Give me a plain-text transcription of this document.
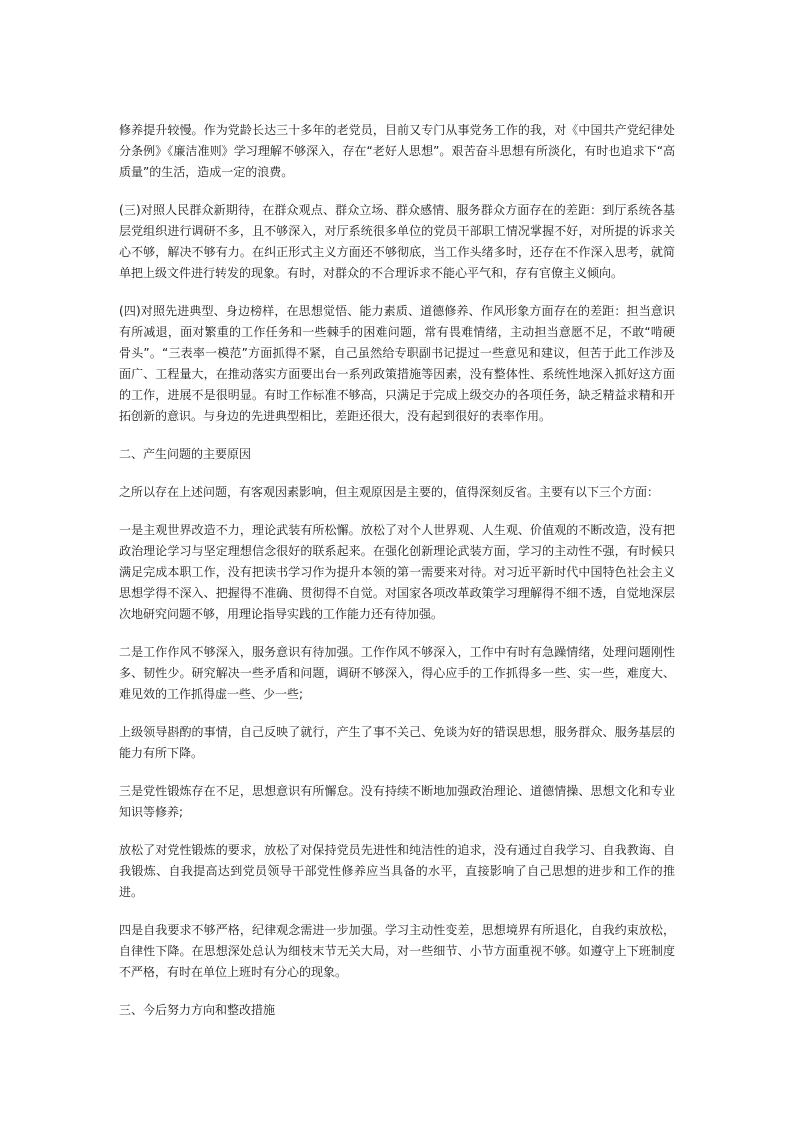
修养提升较慢。作为党龄长达三十多年的老党员，目前又专门从事党务工作的我，对《中国共产党纪律处分条例》《廉洁准则》学习理解不够深入，存在“老好人思想”。艰苦奋斗思想有所淡化，有时也追求下“高质量”的生活，造成一定的浪费。

(三)对照人民群众新期待，在群众观点、群众立场、群众感情、服务群众方面存在的差距：到厅系统各基层党组织进行调研不多，且不够深入，对厅系统很多单位的党员干部职工情况掌握不好，对所提的诉求关心不够，解决不够有力。在纠正形式主义方面还不够彻底，当工作头绪多时，还存在不作深入思考，就简单把上级文件进行转发的现象。有时，对群众的不合理诉求不能心平气和，存有官僚主义倾向。

(四)对照先进典型、身边榜样，在思想觉悟、能力素质、道德修养、作风形象方面存在的差距：担当意识有所减退，面对繁重的工作任务和一些棘手的困难问题，常有畏难情绪，主动担当意愿不足，不敢“啃硬骨头”。“三表率一模范”方面抓得不紧，自己虽然给专职副书记提过一些意见和建议，但苦于此工作涉及面广、工程量大，在推动落实方面要出台一系列政策措施等因素，没有整体性、系统性地深入抓好这方面的工作，进展不是很明显。有时工作标准不够高，只满足于完成上级交办的各项任务，缺乏精益求精和开拓创新的意识。与身边的先进典型相比，差距还很大，没有起到很好的表率作用。

二、产生问题的主要原因

之所以存在上述问题，有客观因素影响，但主观原因是主要的，值得深刻反省。主要有以下三个方面：

一是主观世界改造不力，理论武装有所松懈。放松了对个人世界观、人生观、价值观的不断改造，没有把政治理论学习与坚定理想信念很好的联系起来。在强化创新理论武装方面，学习的主动性不强，有时候只满足完成本职工作，没有把读书学习作为提升本领的第一需要来对待。对习近平新时代中国特色社会主义思想学得不深入、把握得不准确、贯彻得不自觉。对国家各项改革政策学习理解得不细不透，自觉地深层次地研究问题不够，用理论指导实践的工作能力还有待加强。

二是工作作风不够深入，服务意识有待加强。工作作风不够深入，工作中有时有急躁情绪，处理问题刚性多、韧性少。研究解决一些矛盾和问题，调研不够深入，得心应手的工作抓得多一些、实一些，难度大、难见效的工作抓得虚一些、少一些;

上级领导斟酌的事情，自己反映了就行，产生了事不关己、免谈为好的错误思想，服务群众、服务基层的能力有所下降。

三是党性锻炼存在不足，思想意识有所懈怠。没有持续不断地加强政治理论、道德情操、思想文化和专业知识等修养;

放松了对党性锻炼的要求，放松了对保持党员先进性和纯洁性的追求，没有通过自我学习、自我教诲、自我锻炼、自我提高达到党员领导干部党性修养应当具备的水平，直接影响了自己思想的进步和工作的推进。

四是自我要求不够严格，纪律观念需进一步加强。学习主动性变差，思想境界有所退化，自我约束放松，自律性下降。在思想深处总认为细枝末节无关大局，对一些细节、小节方面重视不够。如遵守上下班制度不严格，有时在单位上班时有分心的现象。

三、今后努力方向和整改措施
